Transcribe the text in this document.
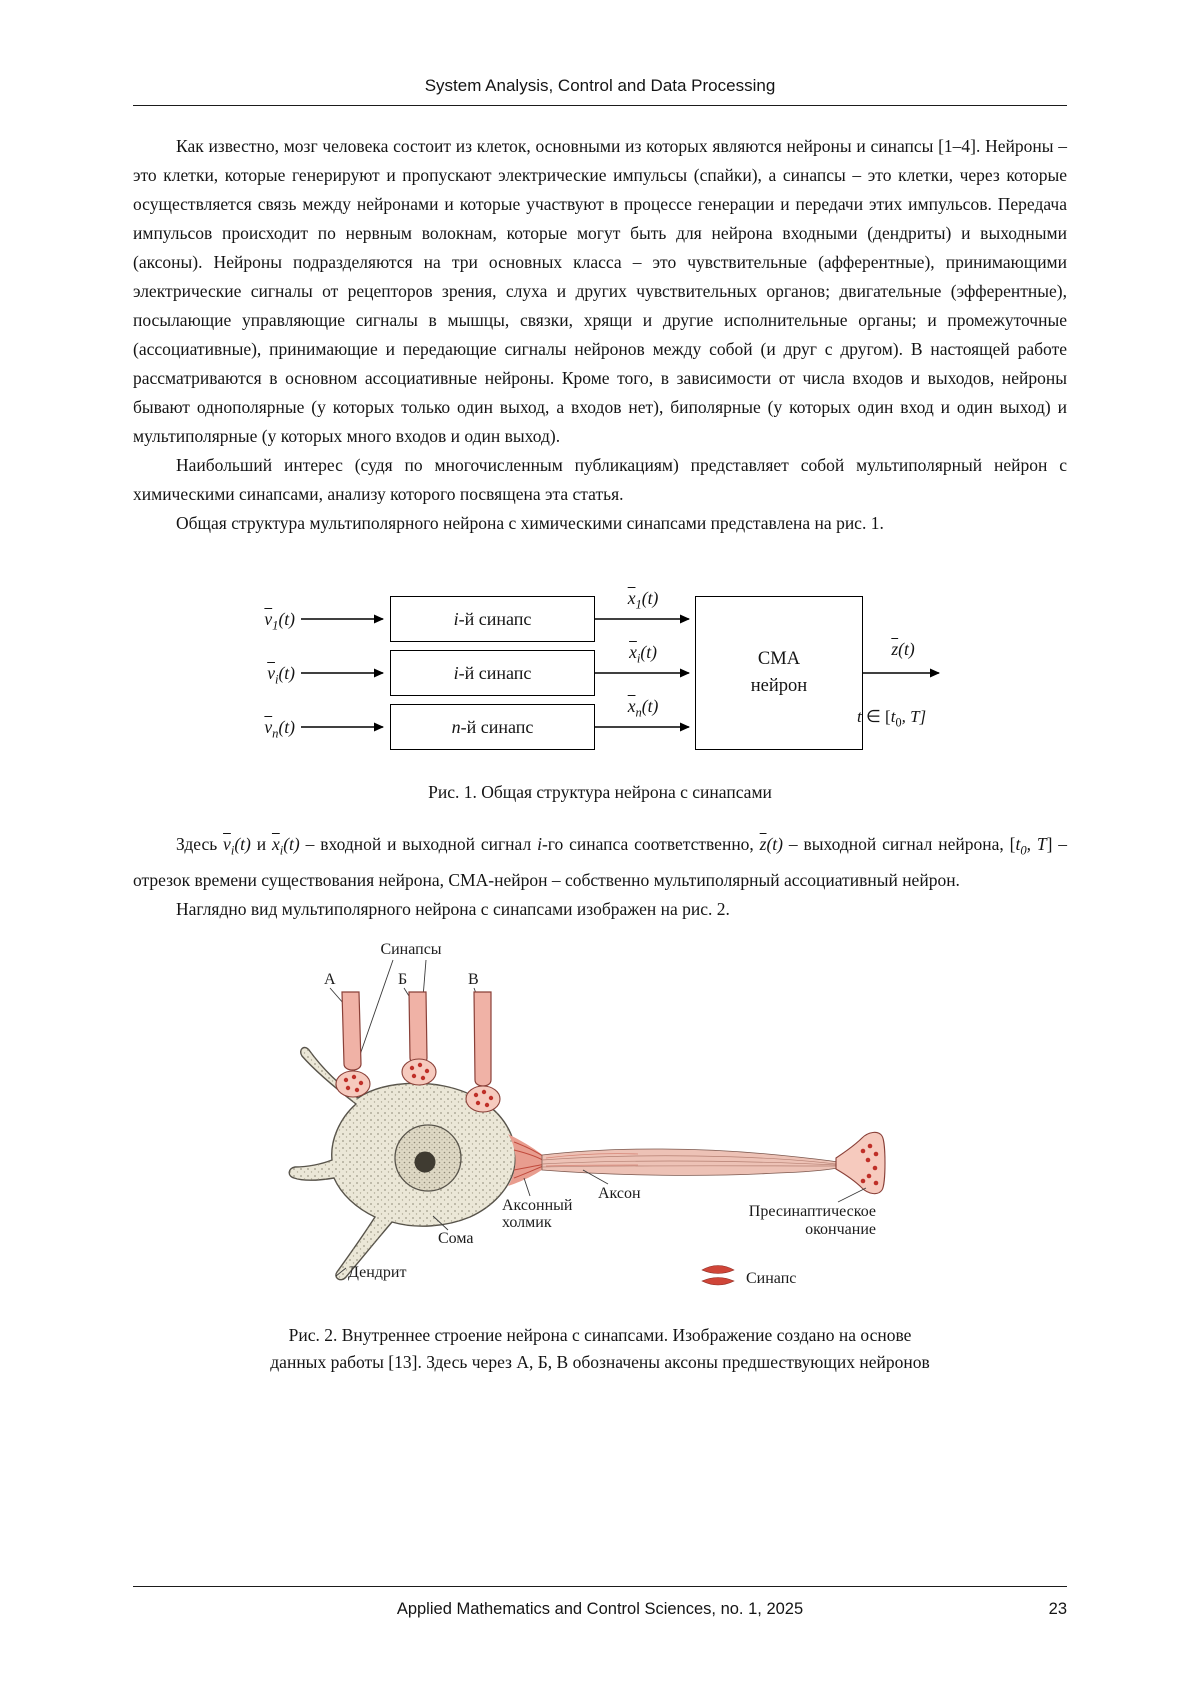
System Analysis, Control and Data Processing

Как известно, мозг человека состоит из клеток, основными из которых являются нейроны и синапсы [1–4]. Нейроны – это клетки, которые генерируют и пропускают электрические импульсы (спайки), а синапсы – это клетки, через которые осуществляется связь между нейронами и которые участвуют в процессе генерации и передачи этих импульсов. Передача импульсов происходит по нервным волокнам, которые могут быть для нейрона входными (дендриты) и выходными (аксоны). Нейроны подразделяются на три основных класса – это чувствительные (афферентные), принимающими электрические сигналы от рецепторов зрения, слуха и других чувствительных органов; двигательные (эфферентные), посылающие управляющие сигналы в мышцы, связки, хрящи и другие исполнительные органы; и промежуточные (ассоциативные), принимающие и передающие сигналы нейронов между собой (и друг с другом). В настоящей работе рассматриваются в основном ассоциативные нейроны. Кроме того, в зависимости от числа входов и выходов, нейроны бывают однополярные (у которых только один выход, а входов нет), биполярные (у которых один вход и один выход) и мультиполярные (у которых много входов и один выход).

Наибольший интерес (судя по многочисленным публикациям) представляет собой мультиполярный нейрон с химическими синапсами, анализу которого посвящена эта статья.

Общая структура мультиполярного нейрона с химическими синапсами представлена на рис. 1.

$\overline{v}_1(t)$
$\overline{v}_i(t)$
$\overline{v}_n(t)$
i-й синапс
i-й синапс
n-й синапс
$\overline{x}_1(t)$
$\overline{x}_i(t)$
$\overline{x}_n(t)$
СМА
нейрон
$\overline{z}(t)$
t ∈ [$t_0$, T]
Рис. 1. Общая структура нейрона с синапсами

Здесь $\overline{v}_i(t)$ и $\overline{x}_i(t)$ – входной и выходной сигнал i-го синапса соответственно, $\overline{z}(t)$ – выходной сигнал нейрона, [$t_0$, T] – отрезок времени существования нейрона, СМА-нейрон – собственно мультиполярный ассоциативный нейрон.

Наглядно вид мультиполярного нейрона с синапсами изображен на рис. 2.

Синапсы
А	Б	В
Аксонный
холмик
Аксон
Сома
Дендрит
Пресинаптическое
окончание
Синапс
Рис. 2. Внутреннее строение нейрона с синапсами. Изображение создано на основе
данных работы [13]. Здесь через А, Б, В обозначены аксоны предшествующих нейронов
Applied Mathematics and Control Sciences, no. 1, 2025	23
